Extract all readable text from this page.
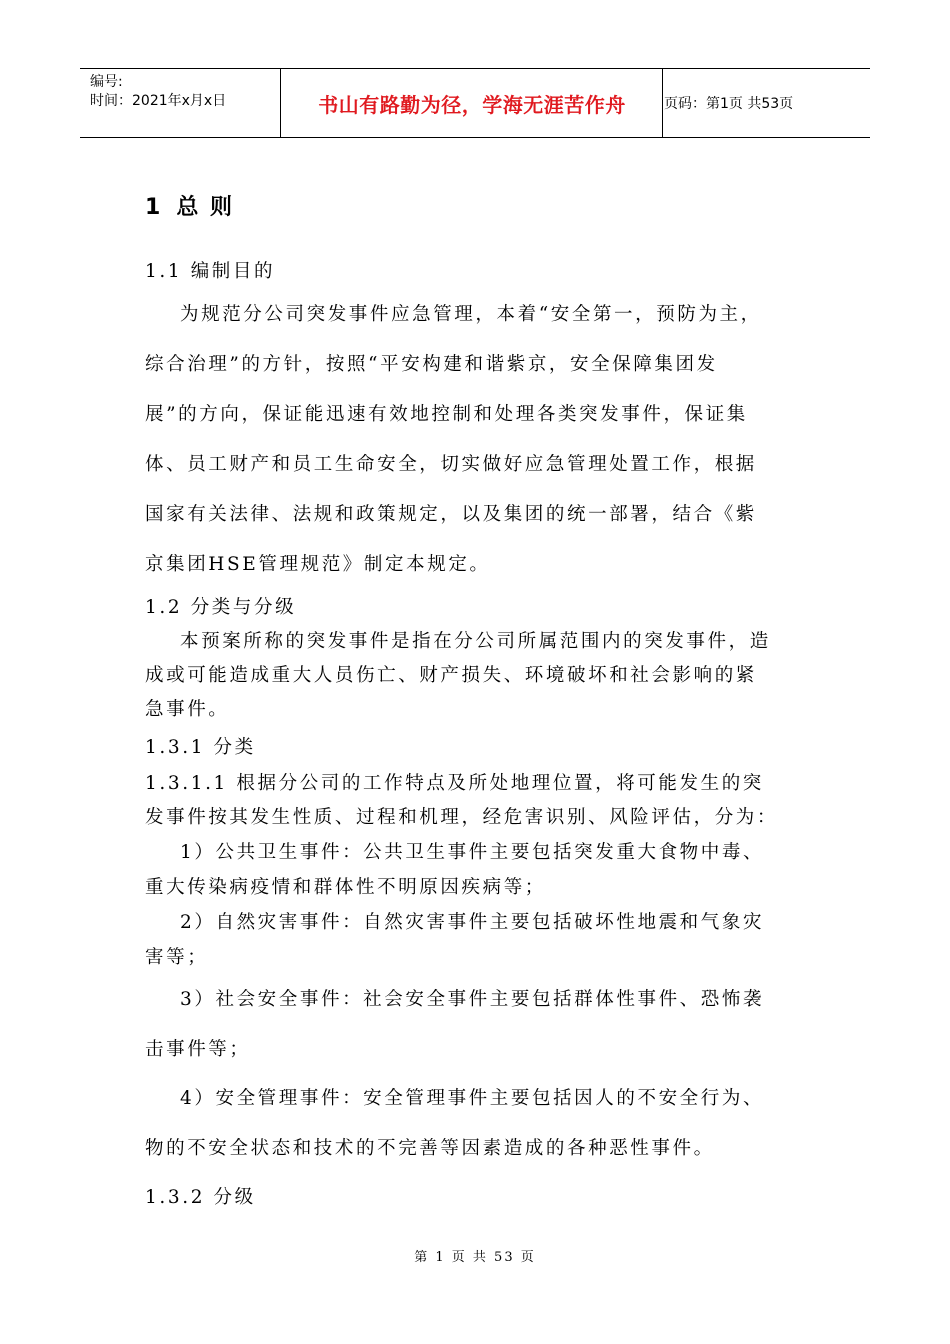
编号:
时间：2021年x月x日	书山有路勤为径，学海无涯苦作舟	页码：第1页 共53页
1 总 则
1.1 编制目的
为规范分公司突发事件应急管理，本着“安全第一，预防为主，
综合治理”的方针，按照“平安构建和谐紫京，安全保障集团发
展”的方向，保证能迅速有效地控制和处理各类突发事件，保证集
体、员工财产和员工生命安全，切实做好应急管理处置工作，根据
国家有关法律、法规和政策规定，以及集团的统一部署，结合《紫
京集团HSE管理规范》制定本规定。
1.2 分类与分级
本预案所称的突发事件是指在分公司所属范围内的突发事件，造
成或可能造成重大人员伤亡、财产损失、环境破坏和社会影响的紧
急事件。
1.3.1 分类
1.3.1.1 根据分公司的工作特点及所处地理位置，将可能发生的突
发事件按其发生性质、过程和机理，经危害识别、风险评估，分为：
1）公共卫生事件：公共卫生事件主要包括突发重大食物中毒、
重大传染病疫情和群体性不明原因疾病等；
2）自然灾害事件：自然灾害事件主要包括破坏性地震和气象灾
害等；
3）社会安全事件：社会安全事件主要包括群体性事件、恐怖袭
击事件等；
4）安全管理事件：安全管理事件主要包括因人的不安全行为、
物的不安全状态和技术的不完善等因素造成的各种恶性事件。
1.3.2 分级
第 1 页 共 53 页
